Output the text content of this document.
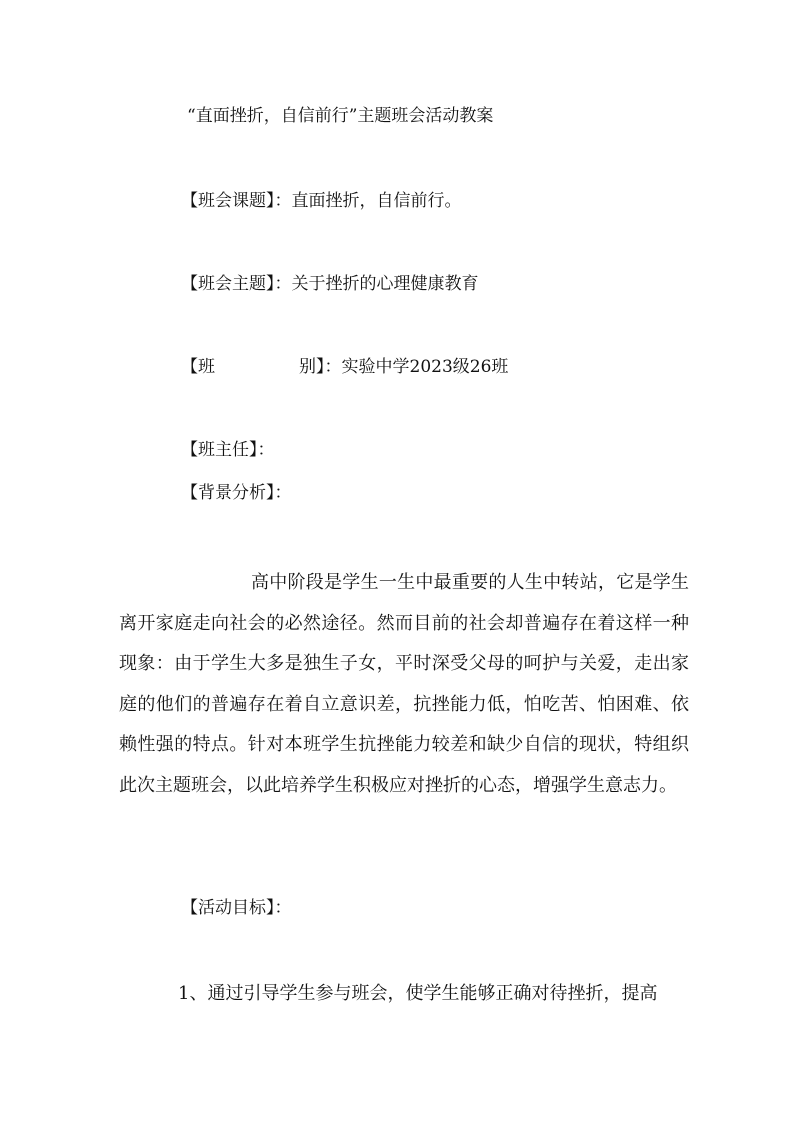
“直面挫折，自信前行”主题班会活动教案
【班会课题】：直面挫折，自信前行。
【班会主题】：关于挫折的心理健康教育
【班	别】：实验中学2023级26班
【班主任】：
【背景分析】：
高中阶段是学生一生中最重要的人生中转站，它是学生离开家庭走向社会的必然途径。然而目前的社会却普遍存在着这样一种现象：由于学生大多是独生子女，平时深受父母的呵护与关爱，走出家庭的他们的普遍存在着自立意识差，抗挫能力低，怕吃苦、怕困难、依赖性强的特点。针对本班学生抗挫能力较差和缺少自信的现状，特组织此次主题班会，以此培养学生积极应对挫折的心态，增强学生意志力。
【活动目标】：
1、通过引导学生参与班会，使学生能够正确对待挫折，提高
